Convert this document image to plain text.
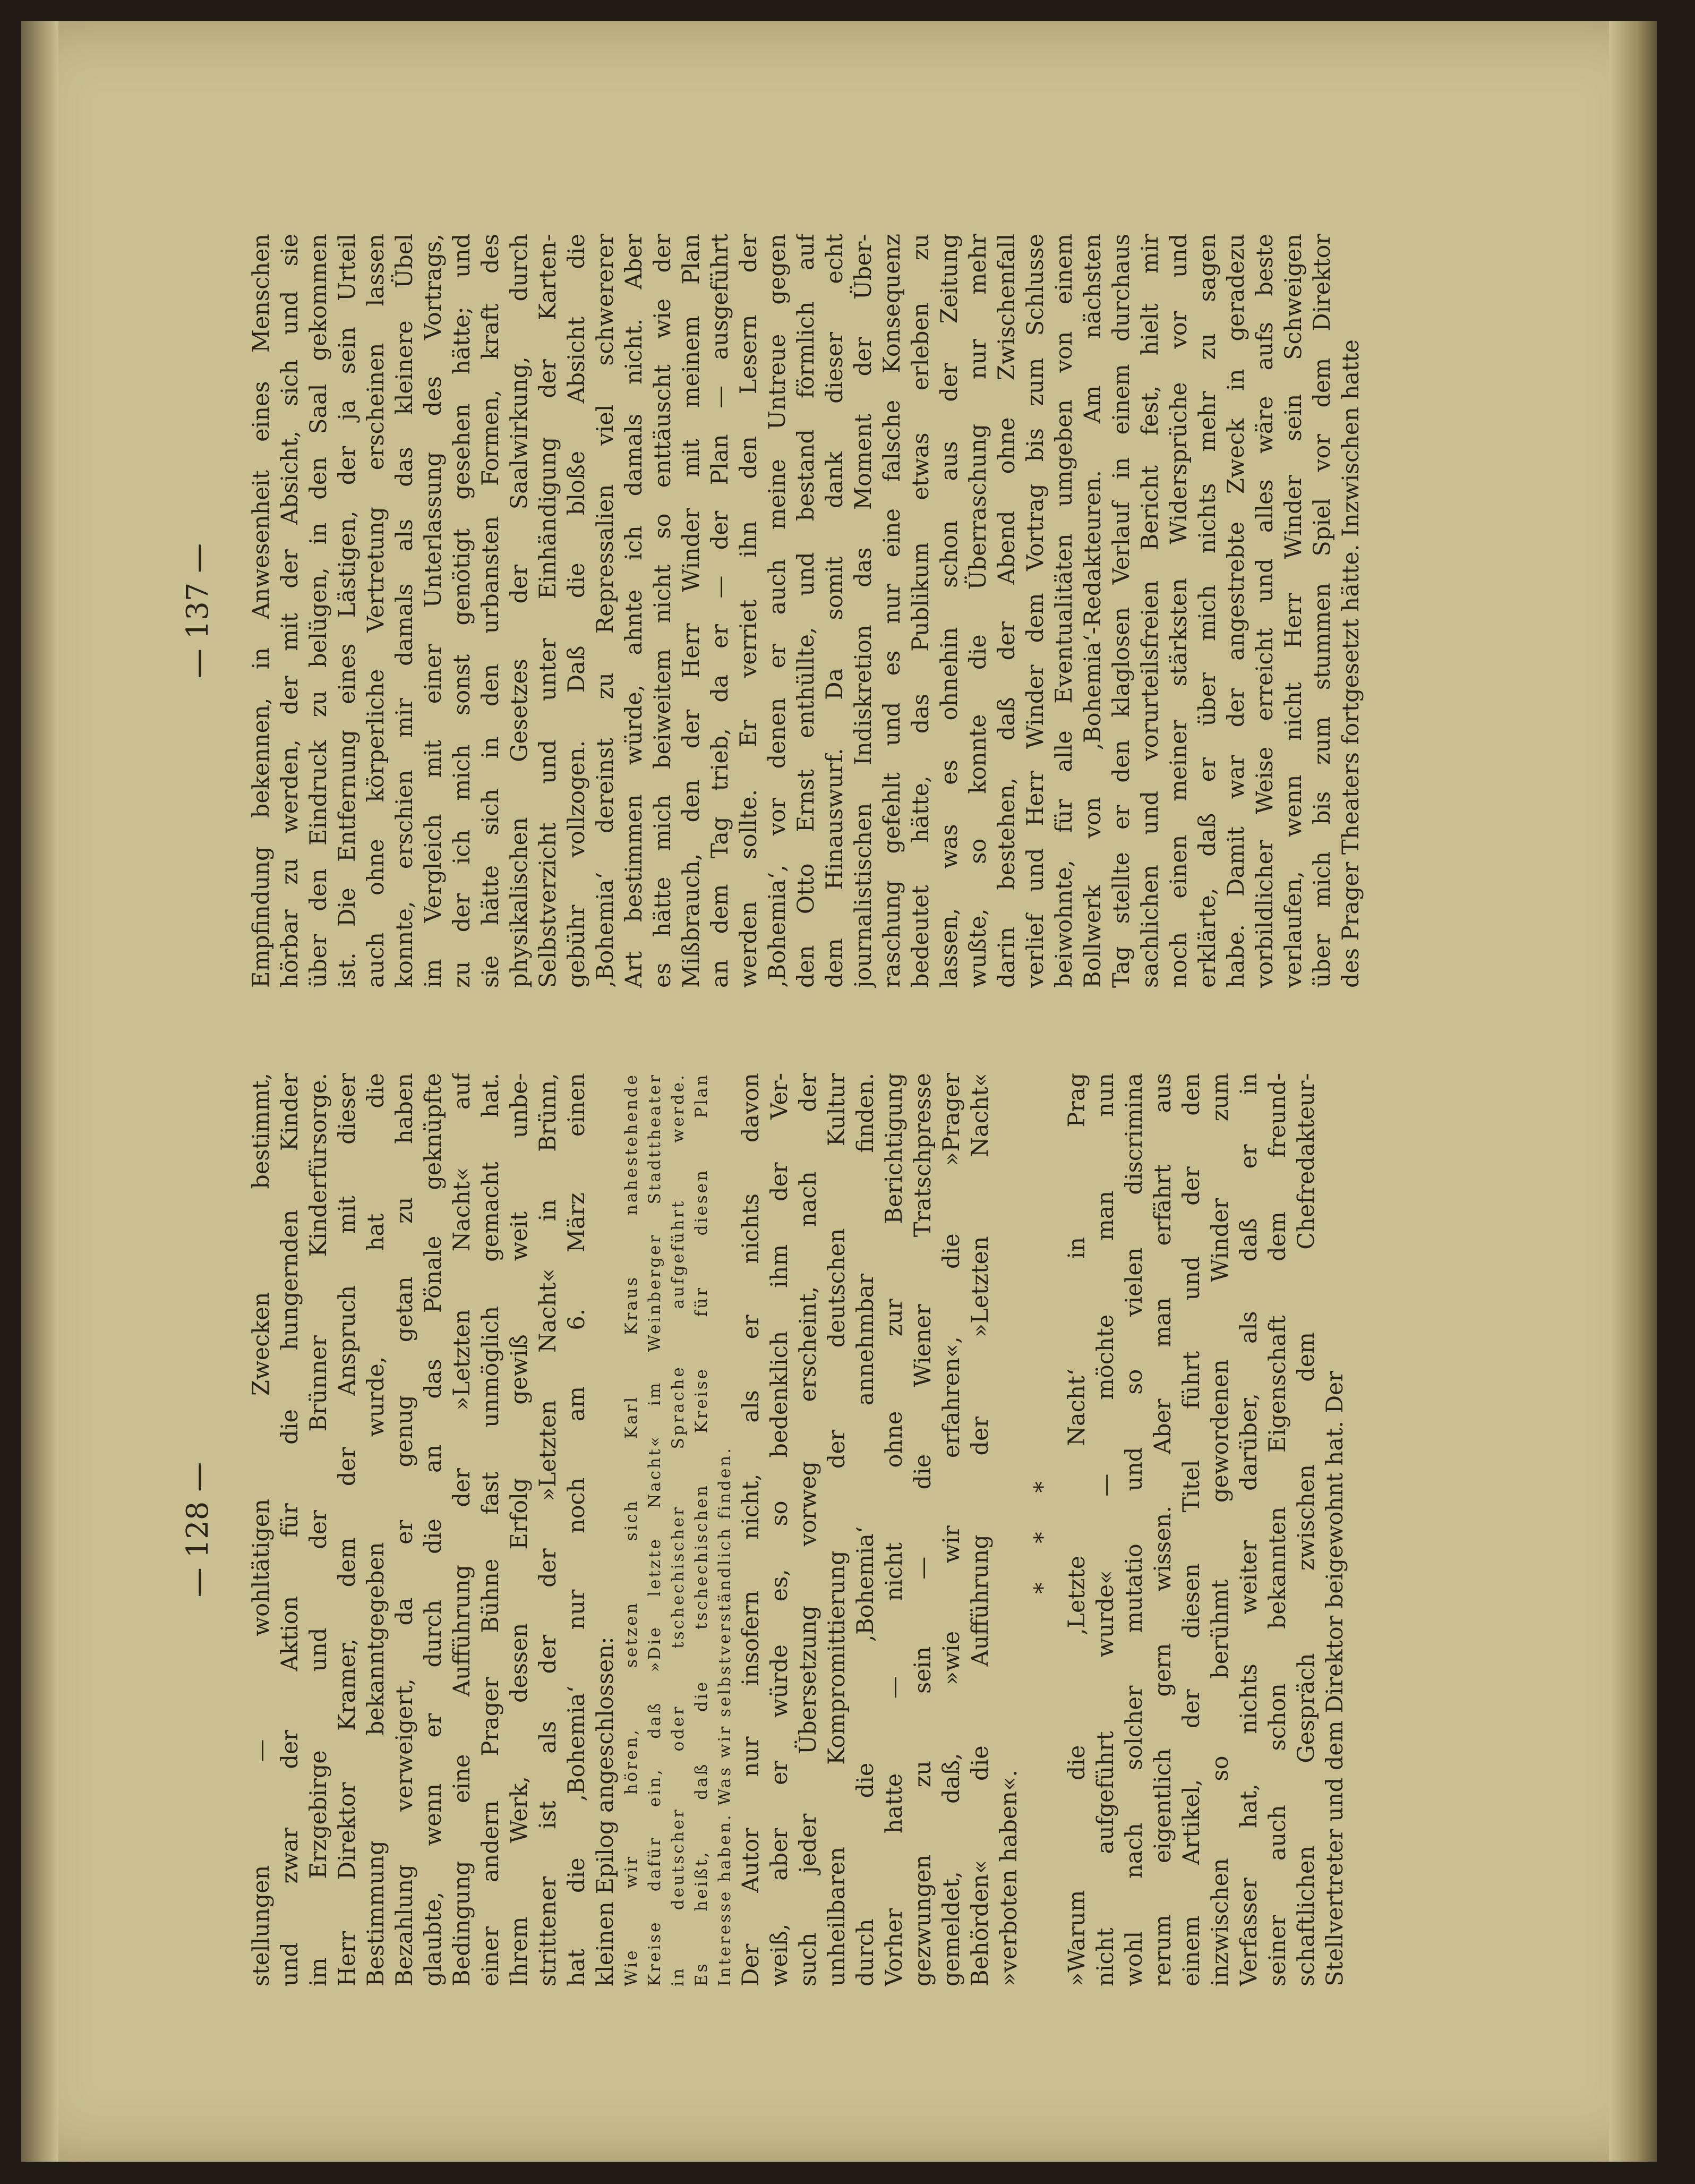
— 128 — stellungen — wohltätigen Zwecken bestimmt, und zwar der Aktion für die hungernden Kinder im Erzgebirge und der Brünner Kinderfürsorge. Herr Direktor Kramer, dem der Anspruch mit dieser Bestimmung bekanntgegeben wurde, hat die Bezahlung verweigert, da er genug getan zu haben glaubte, wenn er durch die an das Pönale geknüpfte Bedingung eine Aufführung der »Letzten Nacht« auf einer andern Prager Bühne fast unmöglich gemacht hat. Ihrem Werk, dessen Erfolg gewiß weit unbe- strittener ist als der der »Letzten Nacht« in Brünn, hat die ‚Bohemia‘ nur noch am 6. März einen kleinen Epilog angeschlossen: Wie wir hören, setzen sich Karl Kraus nahestehende Kreise dafür ein, daß »Die letzte Nacht« im Weinberger Stadttheater in deutscher oder tschechischer Sprache aufgeführt werde. Es heißt, daß die tschechischen Kreise für diesen Plan Interesse haben. Was wir selbstverständlich finden. Der Autor nur insofern nicht, als er nichts davon weiß, aber er würde es, so bedenklich ihm der Ver- such jeder Übersetzung vorweg erscheint, nach der unheilbaren Kompromittierung der deutschen Kultur durch die ‚Bohemia‘ annehmbar finden. Vorher hatte — nicht ohne zur Berichtigung gezwungen zu sein — die Wiener Tratschpresse gemeldet, daß, »wie wir erfahren«, die »Prager Behörden« die Aufführung der »Letzten Nacht« »verboten haben«.
* * * »Warum die ‚Letzte Nacht‘ in Prag nicht aufgeführt wurde« — möchte man nun wohl nach solcher mutatio und so vielen discrimina rerum eigentlich gern wissen. Aber man erfährt aus einem Artikel, der diesen Titel führt und der den inzwischen so berühmt gewordenen Winder zum Verfasser hat, nichts weiter darüber, als daß er in seiner auch schon bekannten Eigenschaft dem freund- schaftlichen Gespräch zwischen dem Chefredakteur- Stellvertreter und dem Direktor beigewohnt hat. Der
— 137 — Empfindung bekennen, in Anwesenheit eines Menschen hörbar zu werden, der mit der Absicht, sich und sie über den Eindruck zu belügen, in den Saal gekommen ist. Die Entfernung eines Lästigen, der ja sein Urteil auch ohne körperliche Vertretung erscheinen lassen konnte, erschien mir damals als das kleinere Übel im Vergleich mit einer Unterlassung des Vortrags, zu der ich mich sonst genötigt gesehen hätte; und sie hätte sich in den urbansten Formen, kraft des physikalischen Gesetzes der Saalwirkung, durch Selbstverzicht und unter Einhändigung der Karten- gebühr vollzogen. Daß die bloße Absicht die ‚Bohemia‘ dereinst zu Repressalien viel schwererer Art bestimmen würde, ahnte ich damals nicht. Aber es hätte mich beiweitem nicht so enttäuscht wie der Mißbrauch, den der Herr Winder mit meinem Plan an dem Tag trieb, da er — der Plan — ausgeführt werden sollte. Er verriet ihn den Lesern der ‚Bohemia‘, vor denen er auch meine Untreue gegen den Otto Ernst enthüllte, und bestand förmlich auf dem Hinauswurf. Da somit dank dieser echt journalistischen Indiskretion das Moment der Über- raschung gefehlt und es nur eine falsche Konsequenz bedeutet hätte, das Publikum etwas erleben zu lassen, was es ohnehin schon aus der Zeitung wußte, so konnte die Überraschung nur mehr darin bestehen, daß der Abend ohne Zwischenfall verlief und Herr Winder dem Vortrag bis zum Schlusse beiwohnte, für alle Eventualitäten umgeben von einem Bollwerk von ‚Bohemia‘-Redakteuren. Am nächsten Tag stellte er den klaglosen Verlauf in einem durchaus sachlichen und vorurteilsfreien Bericht fest, hielt mir noch einen meiner stärksten Widersprüche vor und erklärte, daß er über mich nichts mehr zu sagen habe. Damit war der angestrebte Zweck in geradezu vorbildlicher Weise erreicht und alles wäre aufs beste verlaufen, wenn nicht Herr Winder sein Schweigen über mich bis zum stummen Spiel vor dem Direktor des Prager Theaters fortgesetzt hätte. Inzwischen hatte
